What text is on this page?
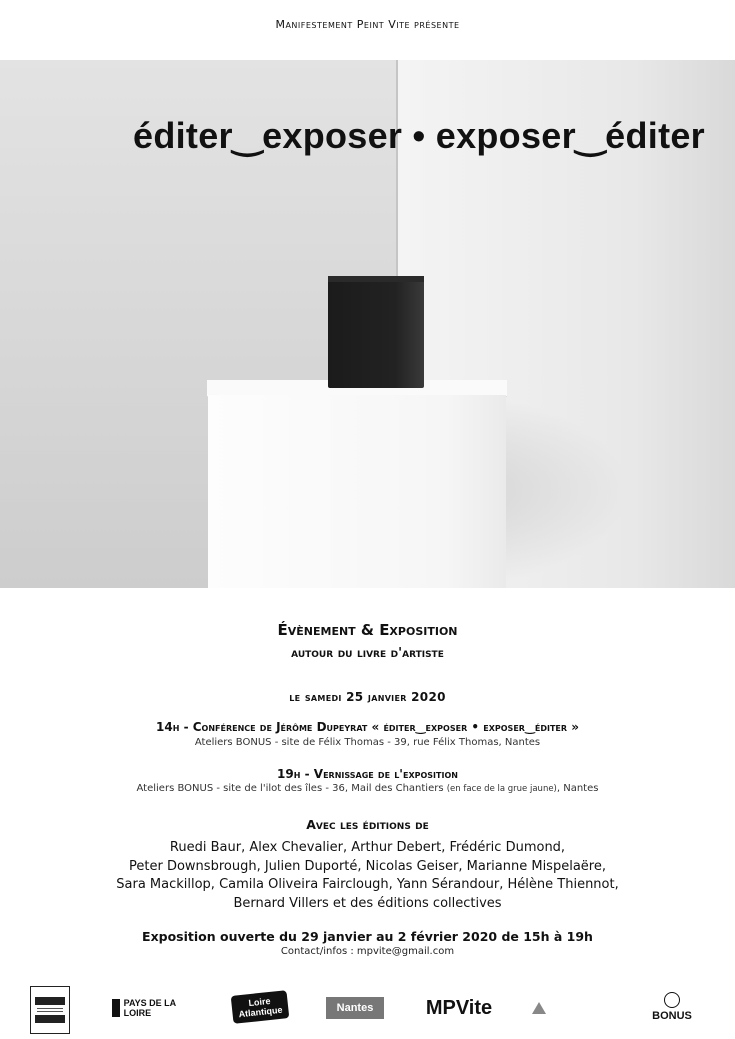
Manifestement Peint Vite présente
éditer‿exposer • exposer‿éditer
Évènement & Exposition
autour du livre d'artiste
le samedi 25 janvier 2020
14h - Conférence de Jérôme Dupeyrat « éditer‿exposer • exposer‿éditer »
Ateliers BONUS - site de Félix Thomas - 39, rue Félix Thomas, Nantes
19h - Vernissage de l'exposition
Ateliers BONUS - site de l'ilot des îles - 36, Mail des Chantiers (en face de la grue jaune), Nantes
Avec les éditions de
Ruedi Baur, Alex Chevalier, Arthur Debert, Frédéric Dumond,
Peter Downsbrough, Julien Duporté, Nicolas Geiser, Marianne Mispelaëre,
Sara Mackillop, Camila Oliveira Fairclough, Yann Sérandour, Hélène Thiennot,
Bernard Villers et des éditions collectives
Exposition ouverte du 29 janvier au 2 février 2020 de 15h à 19h
Contact/infos : mpvite@gmail.com
PAYS DE LA LOIRE
Loire
Atlantique	Nantes	MPVite	BONUS
